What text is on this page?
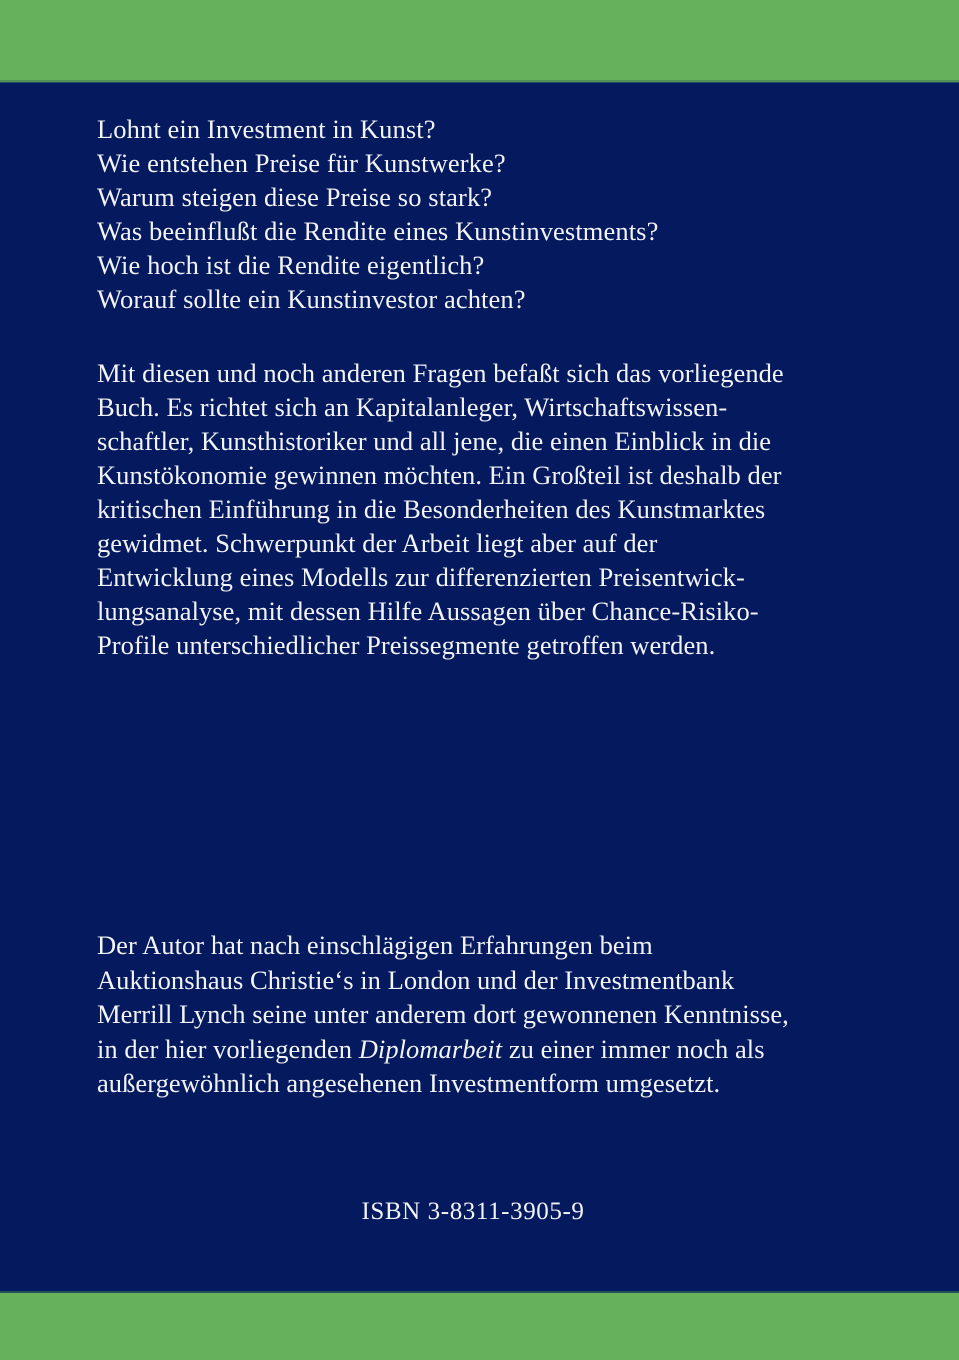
Lohnt ein Investment in Kunst?
Wie entstehen Preise für Kunstwerke?
Warum steigen diese Preise so stark?
Was beeinflußt die Rendite eines Kunstinvestments?
Wie hoch ist die Rendite eigentlich?
Worauf sollte ein Kunstinvestor achten?
Mit diesen und noch anderen Fragen befaßt sich das vorliegende
Buch. Es richtet sich an Kapitalanleger, Wirtschaftswissen-
schaftler, Kunsthistoriker und all jene, die einen Einblick in die
Kunstökonomie gewinnen möchten. Ein Großteil ist deshalb der
kritischen Einführung in die Besonderheiten des Kunstmarktes
gewidmet. Schwerpunkt der Arbeit liegt aber auf der
Entwicklung eines Modells zur differenzierten Preisentwick-
lungsanalyse, mit dessen Hilfe Aussagen über Chance-Risiko-
Profile unterschiedlicher Preissegmente getroffen werden.
Der Autor hat nach einschlägigen Erfahrungen beim
Auktionshaus Christie‘s in London und der Investmentbank
Merrill Lynch seine unter anderem dort gewonnenen Kenntnisse,
in der hier vorliegenden Diplomarbeit zu einer immer noch als
außergewöhnlich angesehenen Investmentform umgesetzt.
ISBN 3-8311-3905-9
